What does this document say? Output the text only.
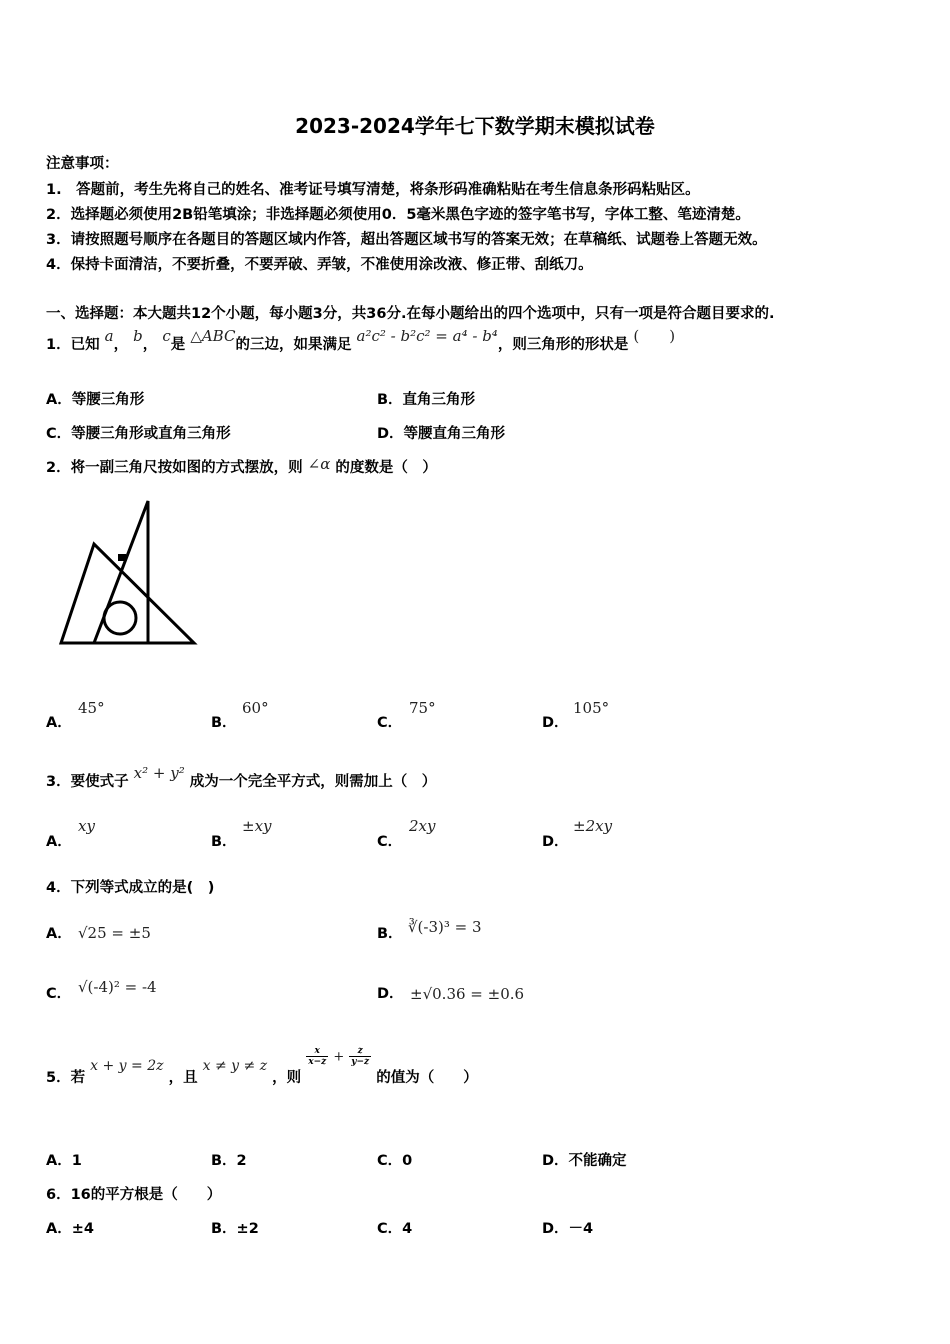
2023-2024学年七下数学期末模拟试卷
注意事项：
1.　答题前，考生先将自己的姓名、准考证号填写清楚，将条形码准确粘贴在考生信息条形码粘贴区。
2．选择题必须使用2B铅笔填涂；非选择题必须使用0．5毫米黑色字迹的签字笔书写，字体工整、笔迹清楚。
3．请按照题号顺序在各题目的答题区域内作答，超出答题区域书写的答案无效；在草稿纸、试题卷上答题无效。
4．保持卡面清洁，不要折叠，不要弄破、弄皱，不准使用涂改液、修正带、刮纸刀。
一、选择题：本大题共12个小题，每小题3分，共36分.在每小题给出的四个选项中，只有一项是符合题目要求的.
1．已知 a， b， c是 △ABC的三边，如果满足 a²c² - b²c² = a⁴ - b⁴，则三角形的形状是 (　　)
A．等腰三角形	B．直角三角形
C．等腰三角形或直角三角形	D．等腰直角三角形
2．将一副三角尺按如图的方式摆放，则 ∠α 的度数是（　）
A．
45°
B．
60°
C．
75°
D．
105°
3．要使式子 x² + y² 成为一个完全平方式，则需加上（　）
A．
xy
B．
±xy
C．
2xy
D．
±2xy
4．下列等式成立的是(　)
A． √25 = ±5	B． ∛(-3)³ = 3
C． √(-4)² = -4	D． ±√0.36 = ±0.6
5．若 x + y = 2z ，且 x ≠ y ≠ z ，则
$\frac{x}{x-z} + \frac{z}{y-z}$
的值为（　　）
A．1	B．2	C．0	D．不能确定
6．16的平方根是（　　）
A．±4	B．±2	C．4	D．－4
